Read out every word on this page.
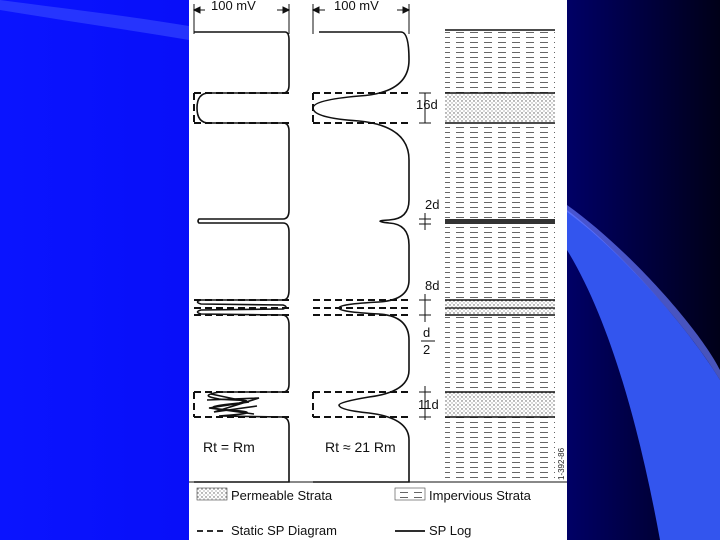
100 mV	100 mV
16d
2d
8d
d
2
11d
Rt = Rm	Rt ≈ 21 Rm
1-392-86
Permeable Strata	Impervious Strata
Static SP Diagram	SP Log
